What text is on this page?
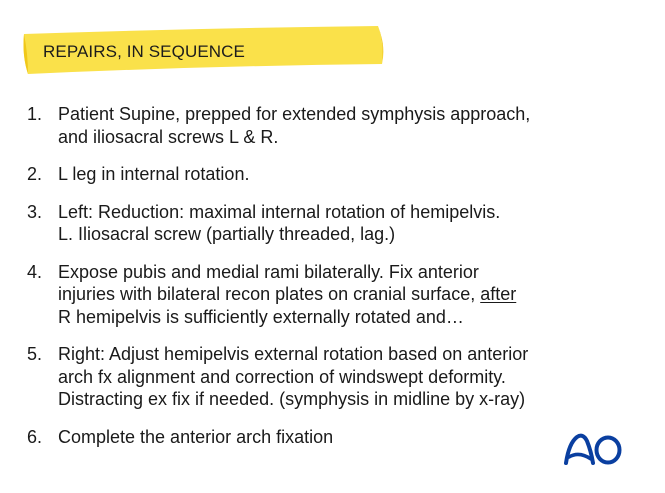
REPAIRS, IN SEQUENCE
1. Patient Supine, prepped for extended symphysis approach,
and iliosacral screws L & R.
2. L leg in internal rotation.
3. Left: Reduction: maximal internal rotation of hemipelvis.
L. Iliosacral screw (partially threaded, lag.)
4. Expose pubis and medial rami bilaterally. Fix anterior
injuries with bilateral recon plates on cranial surface, after
R hemipelvis is sufficiently externally rotated and…
5. Right: Adjust hemipelvis external rotation based on anterior
arch fx alignment and correction of windswept deformity.
Distracting ex fix if needed. (symphysis in midline by x-ray)
6. Complete the anterior arch fixation
